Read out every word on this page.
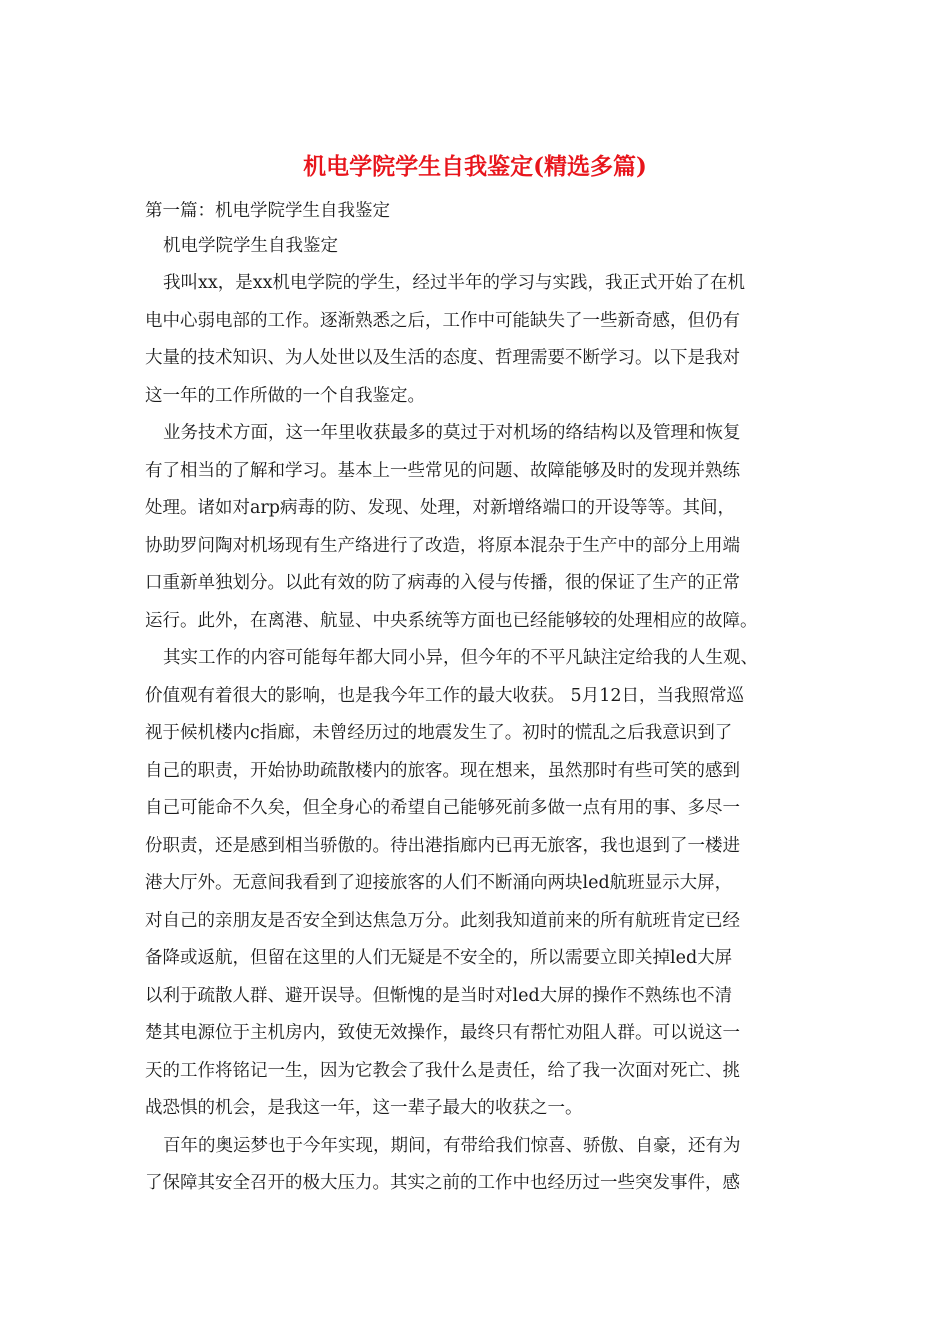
机电学院学生自我鉴定(精选多篇)

第一篇：机电学院学生自我鉴定

机电学院学生自我鉴定

我叫xx，是xx机电学院的学生，经过半年的学习与实践，我正式开始了在机

电中心弱电部的工作。逐渐熟悉之后，工作中可能缺失了一些新奇感，但仍有

大量的技术知识、为人处世以及生活的态度、哲理需要不断学习。以下是我对

这一年的工作所做的一个自我鉴定。

业务技术方面，这一年里收获最多的莫过于对机场的络结构以及管理和恢复

有了相当的了解和学习。基本上一些常见的问题、故障能够及时的发现并熟练

处理。诸如对arp病毒的防、发现、处理，对新增络端口的开设等等。其间，

协助罗问陶对机场现有生产络进行了改造，将原本混杂于生产中的部分上用端

口重新单独划分。以此有效的防了病毒的入侵与传播，很的保证了生产的正常

运行。此外，在离港、航显、中央系统等方面也已经能够较的处理相应的故障。

其实工作的内容可能每年都大同小异，但今年的不平凡缺注定给我的人生观、

价值观有着很大的影响，也是我今年工作的最大收获。 5月12日，当我照常巡

视于候机楼内c指廊，未曾经历过的地震发生了。初时的慌乱之后我意识到了

自己的职责，开始协助疏散楼内的旅客。现在想来，虽然那时有些可笑的感到

自己可能命不久矣，但全身心的希望自己能够死前多做一点有用的事、多尽一

份职责，还是感到相当骄傲的。待出港指廊内已再无旅客，我也退到了一楼进

港大厅外。无意间我看到了迎接旅客的人们不断涌向两块led航班显示大屏，

对自己的亲朋友是否安全到达焦急万分。此刻我知道前来的所有航班肯定已经

备降或返航，但留在这里的人们无疑是不安全的，所以需要立即关掉led大屏

以利于疏散人群、避开误导。但惭愧的是当时对led大屏的操作不熟练也不清

楚其电源位于主机房内，致使无效操作，最终只有帮忙劝阻人群。可以说这一

天的工作将铭记一生，因为它教会了我什么是责任，给了我一次面对死亡、挑

战恐惧的机会，是我这一年，这一辈子最大的收获之一。

百年的奥运梦也于今年实现，期间，有带给我们惊喜、骄傲、自豪，还有为

了保障其安全召开的极大压力。其实之前的工作中也经历过一些突发事件，感
